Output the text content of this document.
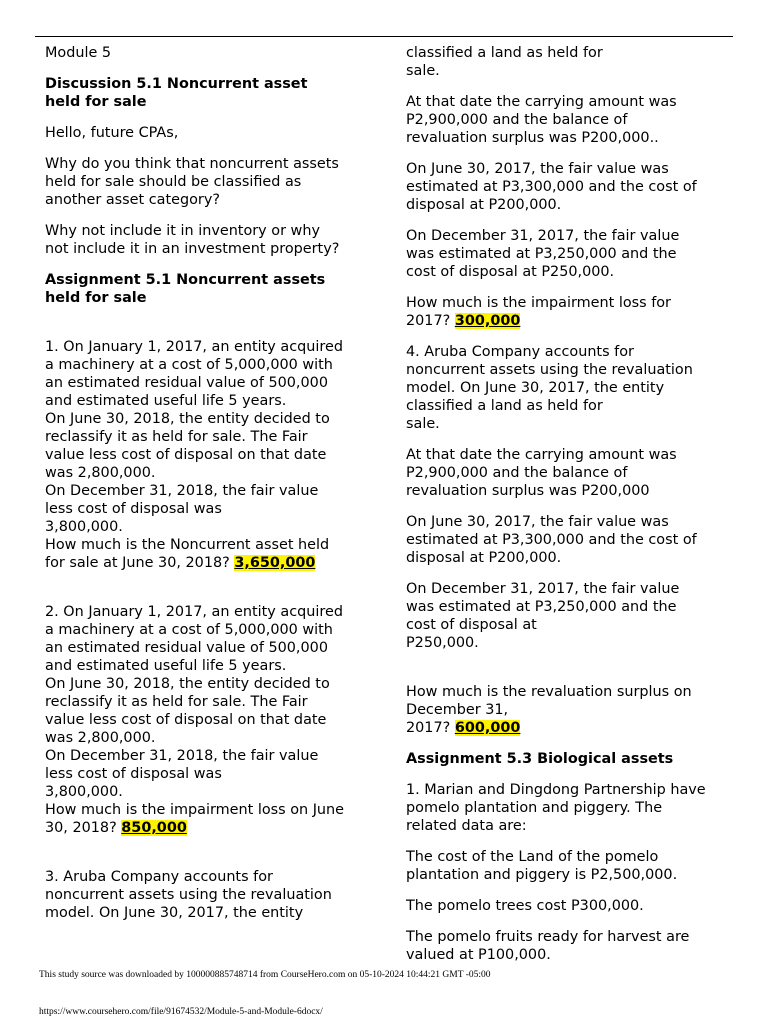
Module 5

Discussion 5.1 Noncurrent asset
held for sale

Hello, future CPAs,

Why do you think that noncurrent assets
held for sale should be classified as
another asset category?

Why not include it in inventory or why
not include it in an investment property?

Assignment 5.1 Noncurrent assets
held for sale

1. On January 1, 2017, an entity acquired
a machinery at a cost of 5,000,000 with
an estimated residual value of 500,000
and estimated useful life 5 years.
On June 30, 2018, the entity decided to
reclassify it as held for sale. The Fair
value less cost of disposal on that date
was 2,800,000.
On December 31, 2018, the fair value
less cost of disposal was
3,800,000.
How much is the Noncurrent asset held
for sale at June 30, 2018? 3,650,000

2. On January 1, 2017, an entity acquired
a machinery at a cost of 5,000,000 with
an estimated residual value of 500,000
and estimated useful life 5 years.
On June 30, 2018, the entity decided to
reclassify it as held for sale. The Fair
value less cost of disposal on that date
was 2,800,000.
On December 31, 2018, the fair value
less cost of disposal was
3,800,000.
How much is the impairment loss on June
30, 2018? 850,000

3. Aruba Company accounts for
noncurrent assets using the revaluation
model. On June 30, 2017, the entity

classified a land as held for
sale.

At that date the carrying amount was
P2,900,000 and the balance of
revaluation surplus was P200,000..

On June 30, 2017, the fair value was
estimated at P3,300,000 and the cost of
disposal at P200,000.

On December 31, 2017, the fair value
was estimated at P3,250,000 and the
cost of disposal at P250,000.

How much is the impairment loss for
2017? 300,000

4. Aruba Company accounts for
noncurrent assets using the revaluation
model. On June 30, 2017, the entity
classified a land as held for
sale.

At that date the carrying amount was
P2,900,000 and the balance of
revaluation surplus was P200,000

On June 30, 2017, the fair value was
estimated at P3,300,000 and the cost of
disposal at P200,000.

On December 31, 2017, the fair value
was estimated at P3,250,000 and the
cost of disposal at
P250,000.

How much is the revaluation surplus on
December 31,
2017? 600,000

Assignment 5.3 Biological assets

1. Marian and Dingdong Partnership have
pomelo plantation and piggery. The
related data are:

The cost of the Land of the pomelo
plantation and piggery is P2,500,000.

The pomelo trees cost P300,000.

The pomelo fruits ready for harvest are
valued at P100,000.

This study source was downloaded by 100000885748714 from CourseHero.com on 05-10-2024 10:44:21 GMT -05:00
https://www.coursehero.com/file/91674532/Module-5-and-Module-6docx/
